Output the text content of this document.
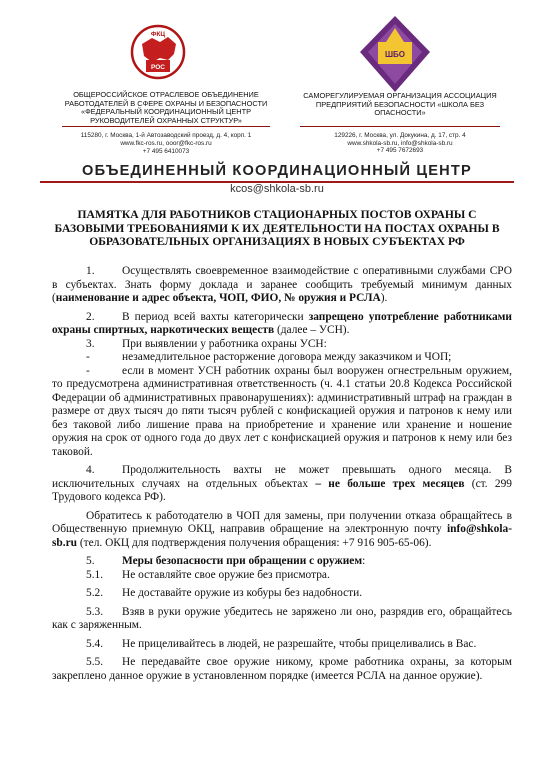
ФКЦ
РОС
ШБО
ОБЩЕРОССИЙСКОЕ ОТРАСЛЕВОЕ ОБЪЕДИНЕНИЕ РАБОТОДАТЕЛЕЙ В СФЕРЕ ОХРАНЫ И БЕЗОПАСНОСТИ «ФЕДЕРАЛЬНЫЙ КООРДИНАЦИОННЫЙ ЦЕНТР РУКОВОДИТЕЛЕЙ ОХРАННЫХ СТРУКТУР»
115280, г. Москва, 1-й Автозаводский проезд, д. 4, корп. 1
www.fkc-ros.ru, ooor@fkc-ros.ru
+7 495 6410073
САМОРЕГУЛИРУЕМАЯ ОРГАНИЗАЦИЯ АССОЦИАЦИЯ ПРЕДПРИЯТИЙ БЕЗОПАСНОСТИ «ШКОЛА БЕЗ ОПАСНОСТИ»
129226, г. Москва, ул. Докукина, д. 17, стр. 4
www.shkola-sb.ru, info@shkola-sb.ru
+7 495 7672693
ОБЪЕДИНЕННЫЙ КООРДИНАЦИОННЫЙ ЦЕНТР
kcos@shkola-sb.ru
ПАМЯТКА ДЛЯ РАБОТНИКОВ СТАЦИОНАРНЫХ ПОСТОВ ОХРАНЫ С БАЗОВЫМИ ТРЕБОВАНИЯМИ К ИХ ДЕЯТЕЛЬНОСТИ НА ПОСТАХ ОХРАНЫ В ОБРАЗОВАТЕЛЬНЫХ ОРГАНИЗАЦИЯХ В НОВЫХ СУБЪЕКТАХ РФ

1. Осуществлять своевременное взаимодействие с оперативными службами СРО в субъектах. Знать форму доклада и заранее сообщить требуемый минимум данных (наименование и адрес объекта, ЧОП, ФИО, № оружия и РСЛА).

2. В период всей вахты категорически запрещено употребление работниками охраны спиртных, наркотических веществ (далее – УСН).

3. При выявлении у работника охраны УСН:

-	незамедлительное расторжение договора между заказчиком и ЧОП;

-	если в момент УСН работник охраны был вооружен огнестрельным оружием, то предусмотрена административная ответственность (ч. 4.1 статьи 20.8 Кодекса Российской Федерации об административных правонарушениях): административный штраф на граждан в размере от двух тысяч до пяти тысяч рублей с конфискацией оружия и патронов к нему или без таковой либо лишение права на приобретение и хранение или хранение и ношение оружия на срок от одного года до двух лет с конфискацией оружия и патронов к нему или без таковой.

4. Продолжительность вахты не может превышать одного месяца. В исключительных случаях на отдельных объектах – не больше трех месяцев (ст. 299 Трудового кодекса РФ).

Обратитесь к работодателю в ЧОП для замены, при получении отказа обращайтесь в Общественную приемную ОКЦ, направив обращение на электронную почту info@shkola-sb.ru (тел. ОКЦ для подтверждения получения обращения: +7 916 905-65-06).

5. Меры безопасности при обращении с оружием:

5.1. Не оставляйте свое оружие без присмотра.

5.2. Не доставайте оружие из кобуры без надобности.

5.3. Взяв в руки оружие убедитесь не заряжено ли оно, разрядив его, обращайтесь как с заряженным.

5.4. Не прицеливайтесь в людей, не разрешайте, чтобы прицеливались в Вас.

5.5. Не передавайте свое оружие никому, кроме работника охраны, за которым закреплено данное оружие в установленном порядке (имеется РСЛА на данное оружие).
